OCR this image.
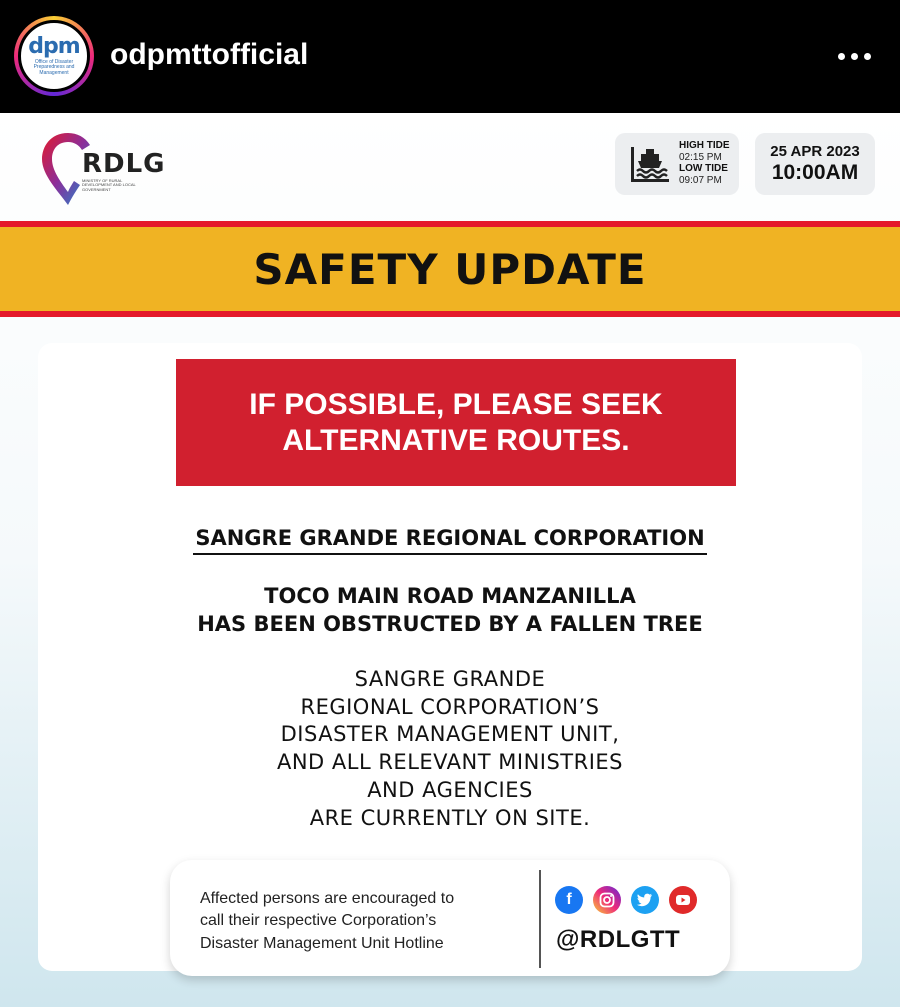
dpm
Office of Disaster Preparedness and Management
odpmttofficial
RDLG
MINISTRY OF RURAL DEVELOPMENT AND LOCAL GOVERNMENT
HIGH TIDE
02:15 PM
LOW TIDE
09:07 PM
25 APR 2023
10:00AM
SAFETY UPDATE
IF POSSIBLE, PLEASE SEEK ALTERNATIVE ROUTES.
SANGRE GRANDE REGIONAL CORPORATION
TOCO MAIN ROAD MANZANILLA
HAS BEEN OBSTRUCTED BY A FALLEN TREE
SANGRE GRANDE
REGIONAL CORPORATION’S
DISASTER MANAGEMENT UNIT,
AND ALL RELEVANT MINISTRIES
AND AGENCIES
ARE CURRENTLY ON SITE.
Affected persons are encouraged to
call their respective Corporation’s
Disaster Management Unit Hotline
f
@RDLGTT
